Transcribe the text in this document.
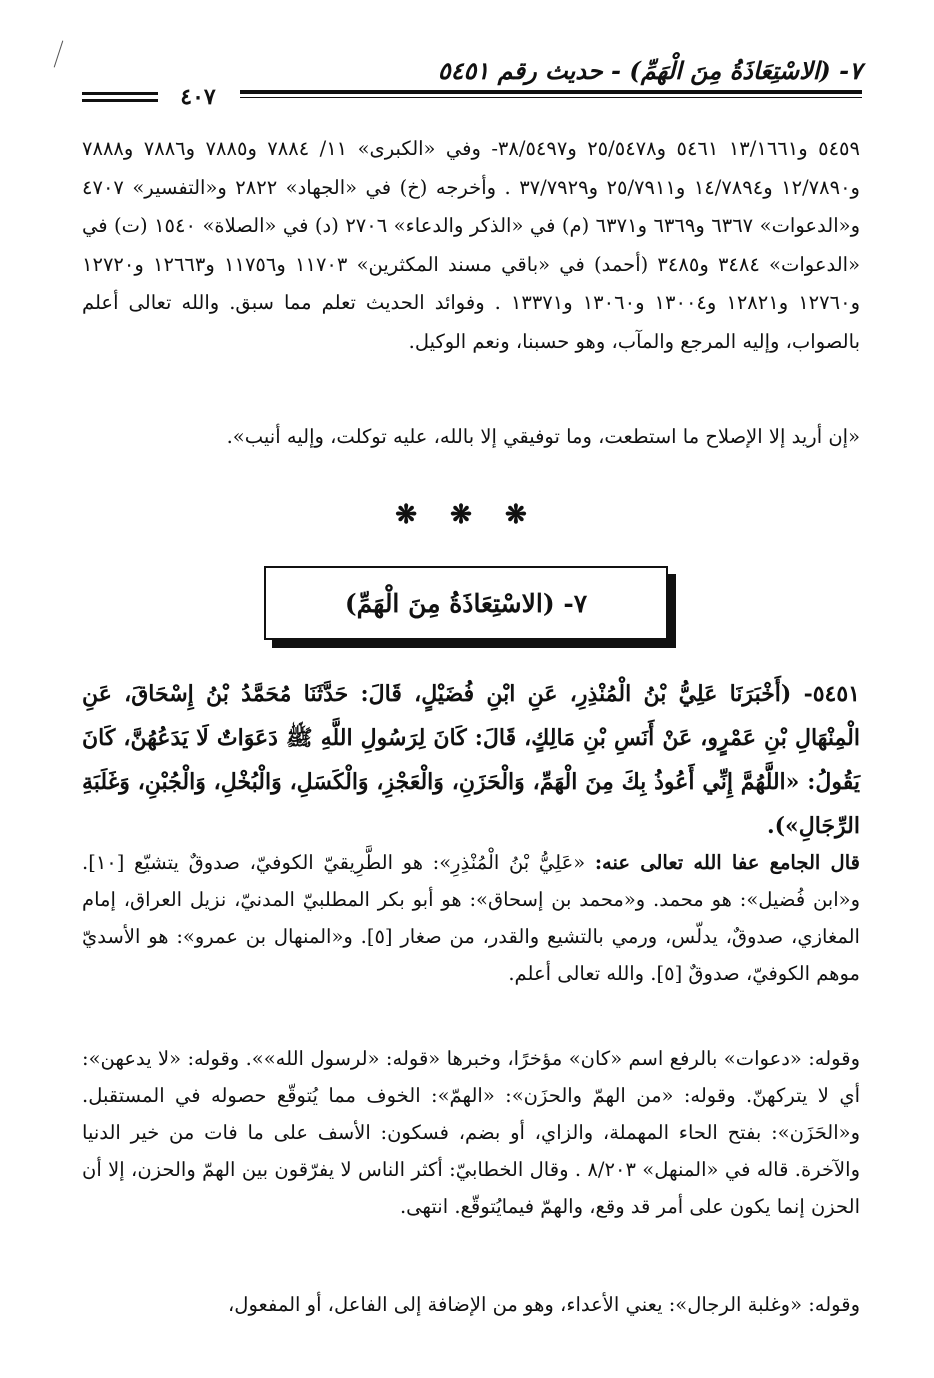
٧- (الاسْتِعَاذَةُ مِنَ الْهَمِّ) - حديث رقم ٥٤٥١
٤٠٧
٥٤٥٩ و١٣/١٦٦١ ٥٤٦١ و٢٥/٥٤٧٨ و٣٨/٥٤٩٧- وفي «الكبرى» ١١/ ٧٨٨٤ و٧٨٨٥ و٧٨٨٦ و٧٨٨٨ و١٢/٧٨٩٠ و١٤/٧٨٩٤ و٢٥/٧٩١١ و٣٧/٧٩٢٩ . وأخرجه (خ) في «الجهاد» ٢٨٢٢ و«التفسير» ٤٧٠٧ و«الدعوات» ٦٣٦٧ و٦٣٦٩ و٦٣٧١ (م) في «الذكر والدعاء» ٢٧٠٦ (د) في «الصلاة» ١٥٤٠ (ت) في «الدعوات» ٣٤٨٤ و٣٤٨٥ (أحمد) في «باقي مسند المكثرين» ١١٧٠٣ و١١٧٥٦ و١٢٦٦٣ و١٢٧٢٠ و١٢٧٦٠ و١٢٨٢١ و١٣٠٠٤ و١٣٠٦٠ و١٣٣٧١ . وفوائد الحديث تعلم مما سبق. والله تعالى أعلم بالصواب، وإليه المرجع والمآب، وهو حسبنا، ونعم الوكيل.
«إن أريد إلا الإصلاح ما استطعت، وما توفيقي إلا بالله، عليه توكلت، وإليه أنيب».
❋ ❋ ❋
٧- (الاسْتِعَاذَةُ مِنَ الْهَمِّ)
٥٤٥١- (أَخْبَرَنَا عَلِيُّ بْنُ الْمُنْذِرِ، عَنِ ابْنِ فُضَيْلٍ، قَالَ: حَدَّثَنَا مُحَمَّدُ بْنُ إِسْحَاقَ، عَنِ الْمِنْهَالِ بْنِ عَمْرٍو، عَنْ أَنَسِ بْنِ مَالِكٍ، قَالَ: كَانَ لِرَسُولِ اللَّهِ ﷺ دَعَوَاتٌ لَا يَدَعُهُنَّ، كَانَ يَقُولُ: «اللَّهُمَّ إِنِّي أَعُوذُ بِكَ مِنَ الْهَمِّ، وَالْحَزَنِ، وَالْعَجْزِ، وَالْكَسَلِ، وَالْبُخْلِ، وَالْجُبْنِ، وَغَلَبَةِ الرِّجَالِ»).
قال الجامع عفا الله تعالى عنه: «عَلِيُّ بْنُ الْمُنْذِرِ»: هو الطَّرِيقيّ الكوفيّ، صدوقٌ يتشيّع [١٠]. و«ابن فُضيل»: هو محمد. و«محمد بن إسحاق»: هو أبو بكر المطلبيّ المدنيّ، نزيل العراق، إمام المغازي، صدوقٌ، يدلّس، ورمي بالتشيع والقدر، من صغار [٥]. و«المنهال بن عمرو»: هو الأسديّ موهم الكوفيّ، صدوقٌ [٥]. والله تعالى أعلم.
وقوله: «دعوات» بالرفع اسم «كان» مؤخرًا، وخبرها «قوله: «لرسول الله»». وقوله: «لا يدعهن»: أي لا يتركهنّ. وقوله: «من الهمّ والحزَن»: «الهمّ»: الخوف مما يُتوقّع حصوله في المستقبل. و«الحَزَن»: بفتح الحاء المهملة، والزاي، أو بضم، فسكون: الأسف على ما فات من خير الدنيا والآخرة. قاله في «المنهل» ٨/٢٠٣ . وقال الخطابيّ: أكثر الناس لا يفرّقون بين الهمّ والحزن، إلا أن الحزن إنما يكون على أمر قد وقع، والهمّ فيمايُتوقّع. انتهى.
وقوله: «وغلبة الرجال»: يعني الأعداء، وهو من الإضافة إلى الفاعل، أو المفعول،
